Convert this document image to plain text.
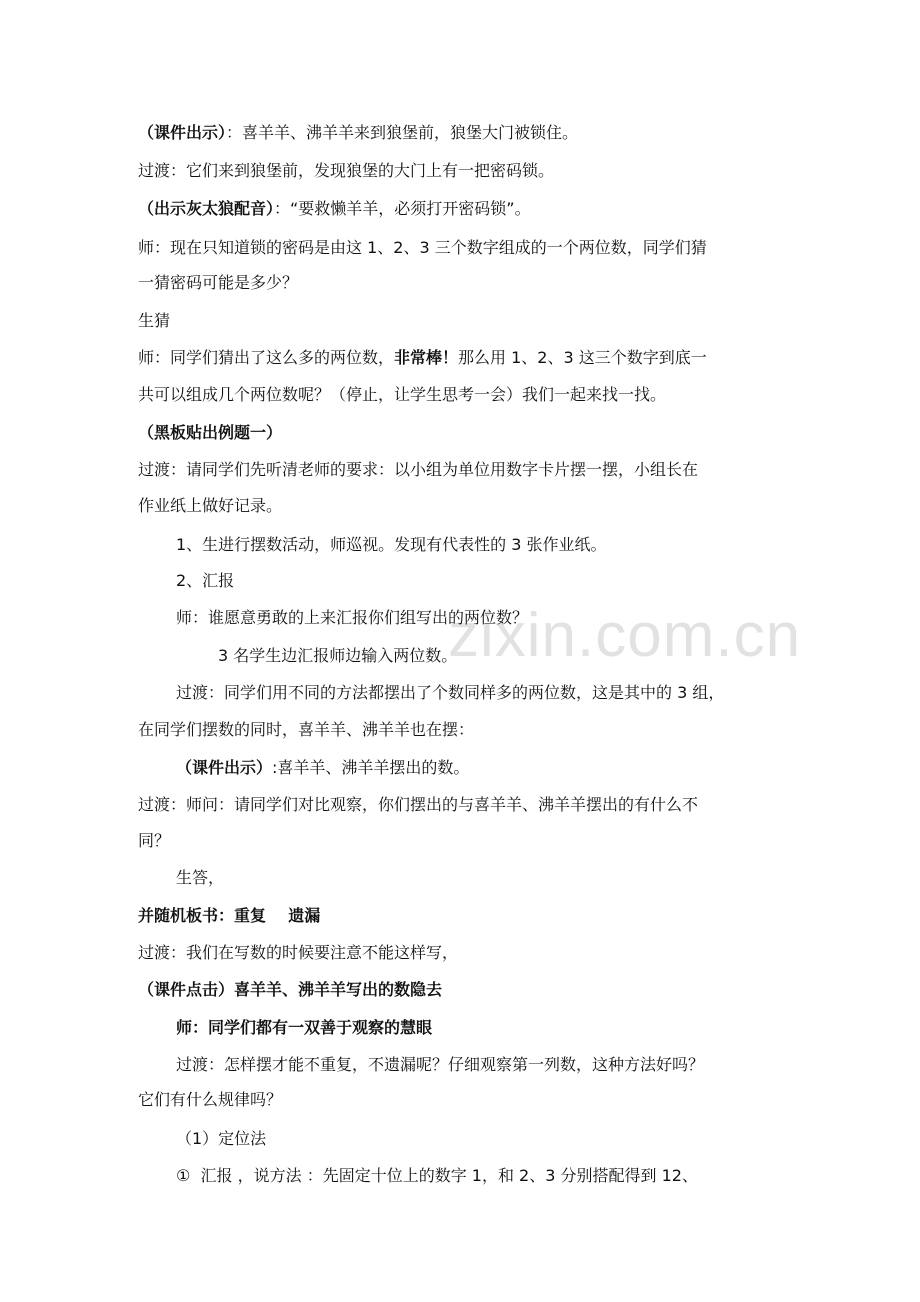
zixin.com.cn
（课件出示）：喜羊羊、沸羊羊来到狼堡前，狼堡大门被锁住。
过渡：它们来到狼堡前，发现狼堡的大门上有一把密码锁。
（出示灰太狼配音）：“要救懒羊羊，必须打开密码锁”。
师：现在只知道锁的密码是由这 1、2、3 三个数字组成的一个两位数，同学们猜
一猜密码可能是多少？
生猜
师：同学们猜出了这么多的两位数，非常棒！那么用 1、2、3 这三个数字到底一
共可以组成几个两位数呢？（停止，让学生思考一会）我们一起来找一找。
（黑板贴出例题一）
过渡：请同学们先听清老师的要求：以小组为单位用数字卡片摆一摆，小组长在
作业纸上做好记录。
1、生进行摆数活动，师巡视。发现有代表性的 3 张作业纸。
2、汇报
师：谁愿意勇敢的上来汇报你们组写出的两位数？
3 名学生边汇报师边输入两位数。
过渡：同学们用不同的方法都摆出了个数同样多的两位数，这是其中的 3 组，
在同学们摆数的同时，喜羊羊、沸羊羊也在摆：
（课件出示）:喜羊羊、沸羊羊摆出的数。
过渡：师问：请同学们对比观察，你们摆出的与喜羊羊、沸羊羊摆出的有什么不
同？
生答，
并随机板书：重复    遗漏
过渡：我们在写数的时候要注意不能这样写，
（课件点击）喜羊羊、沸羊羊写出的数隐去
师：同学们都有一双善于观察的慧眼
过渡：怎样摆才能不重复，不遗漏呢？仔细观察第一列数，这种方法好吗？
它们有什么规律吗？
（1）定位法
①  汇报 ，说方法 ：先固定十位上的数字 1，和 2、3 分别搭配得到 12、
